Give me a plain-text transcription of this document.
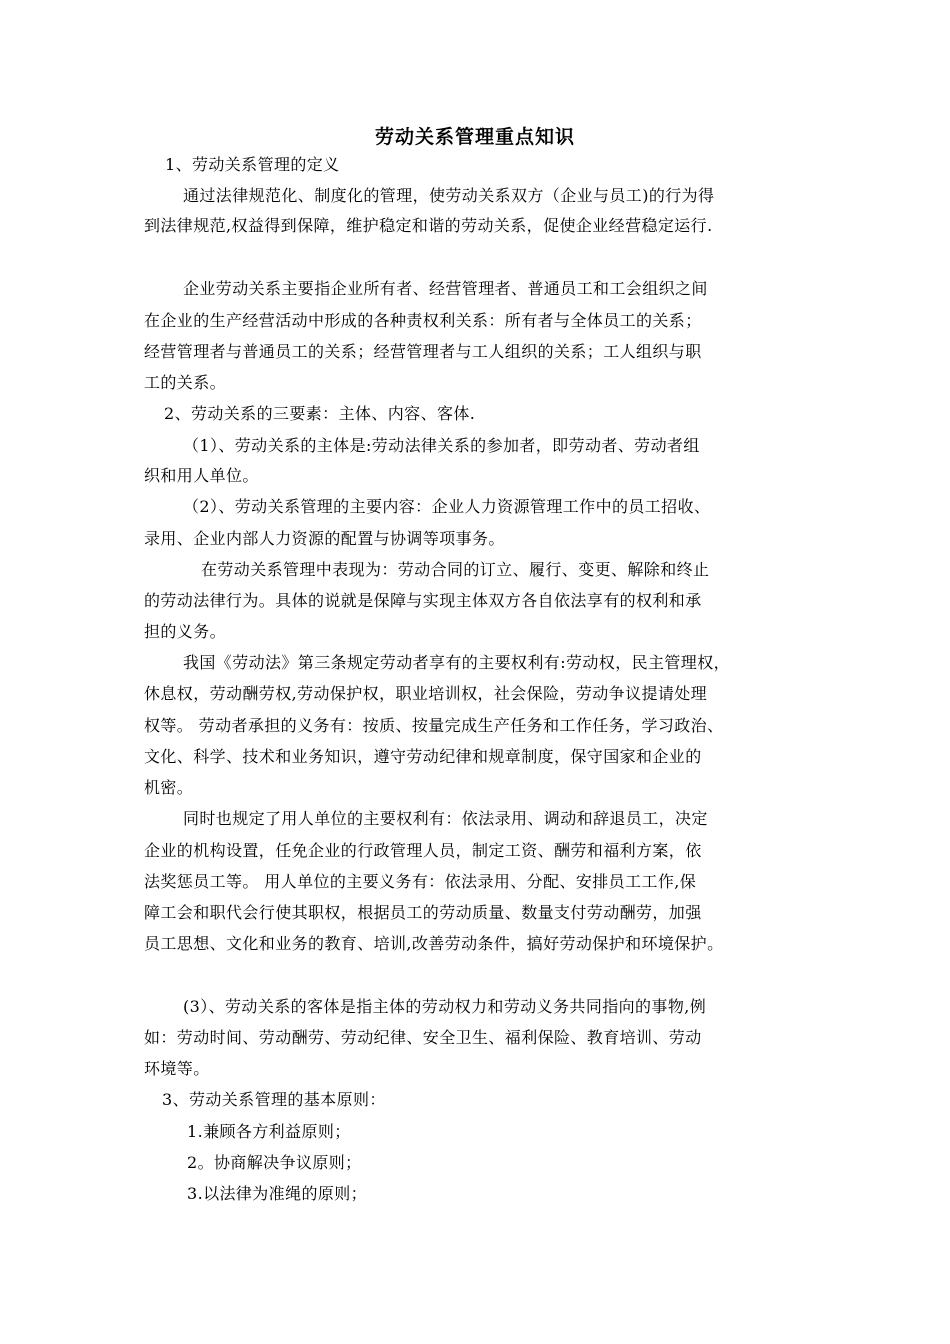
劳动关系管理重点知识
1、劳动关系管理的定义
通过法律规范化、制度化的管理，使劳动关系双方（企业与员工)的行为得
到法律规范,权益得到保障，维护稳定和谐的劳动关系，促使企业经营稳定运行.
企业劳动关系主要指企业所有者、经营管理者、普通员工和工会组织之间
在企业的生产经营活动中形成的各种责权利关系：所有者与全体员工的关系；
经营管理者与普通员工的关系；经营管理者与工人组织的关系；工人组织与职
工的关系。
2、劳动关系的三要素：主体、内容、客体.
（1）、劳动关系的主体是:劳动法律关系的参加者，即劳动者、劳动者组
织和用人单位。
（2）、劳动关系管理的主要内容：企业人力资源管理工作中的员工招收、
录用、企业内部人力资源的配置与协调等项事务。
在劳动关系管理中表现为：劳动合同的订立、履行、变更、解除和终止
的劳动法律行为。具体的说就是保障与实现主体双方各自依法享有的权利和承
担的义务。
我国《劳动法》第三条规定劳动者享有的主要权利有:劳动权，民主管理权，
休息权，劳动酬劳权,劳动保护权，职业培训权，社会保险，劳动争议提请处理
权等。 劳动者承担的义务有：按质、按量完成生产任务和工作任务，学习政治、
文化、科学、技术和业务知识，遵守劳动纪律和规章制度，保守国家和企业的
机密。
同时也规定了用人单位的主要权利有：依法录用、调动和辞退员工，决定
企业的机构设置，任免企业的行政管理人员，制定工资、酬劳和福利方案，依
法奖惩员工等。 用人单位的主要义务有：依法录用、分配、安排员工工作,保
障工会和职代会行使其职权，根据员工的劳动质量、数量支付劳动酬劳，加强
员工思想、文化和业务的教育、培训,改善劳动条件，搞好劳动保护和环境保护。
(3）、劳动关系的客体是指主体的劳动权力和劳动义务共同指向的事物,例
如：劳动时间、劳动酬劳、劳动纪律、安全卫生、福利保险、教育培训、劳动
环境等。
3、劳动关系管理的基本原则：
1.兼顾各方利益原则；
2。协商解决争议原则；
3.以法律为准绳的原则；
